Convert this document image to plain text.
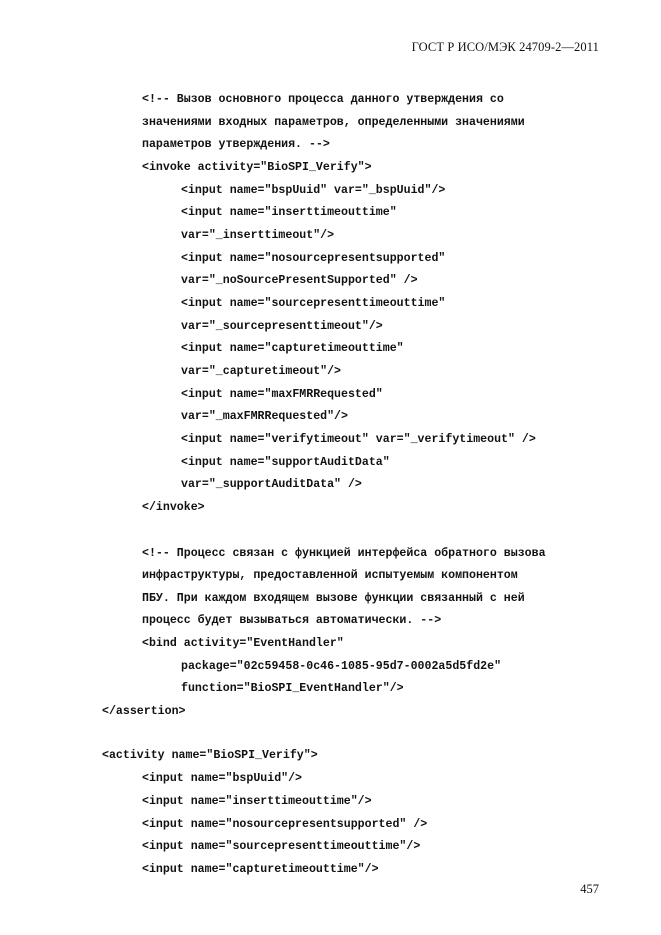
ГОСТ Р ИСО/МЭК 24709-2—2011
<!-- Вызов основного процесса данного утверждения со
значениями входных параметров, определенными значениями
параметров утверждения. -->
<invoke activity="BioSPI_Verify">
<input name="bspUuid" var="_bspUuid"/>
<input name="inserttimeouttime"
var="_inserttimeout"/>
<input name="nosourcepresentsupported"
var="_noSourcePresentSupported" />
<input name="sourcepresenttimeouttime"
var="_sourcepresenttimeout"/>
<input name="capturetimeouttime"
var="_capturetimeout"/>
<input name="maxFMRRequested"
var="_maxFMRRequested"/>
<input name="verifytimeout" var="_verifytimeout" />
<input name="supportAuditData"
var="_supportAuditData" />
</invoke>
<!-- Процесс связан с функцией интерфейса обратного вызова
инфраструктуры, предоставленной испытуемым компонентом
ПБУ. При каждом входящем вызове функции связанный с ней
процесс будет вызываться автоматически. -->
<bind activity="EventHandler"
package="02c59458-0c46-1085-95d7-0002a5d5fd2e"
function="BioSPI_EventHandler"/>
</assertion>
<activity name="BioSPI_Verify">
<input name="bspUuid"/>
<input name="inserttimeouttime"/>
<input name="nosourcepresentsupported" />
<input name="sourcepresenttimeouttime"/>
<input name="capturetimeouttime"/>
457
